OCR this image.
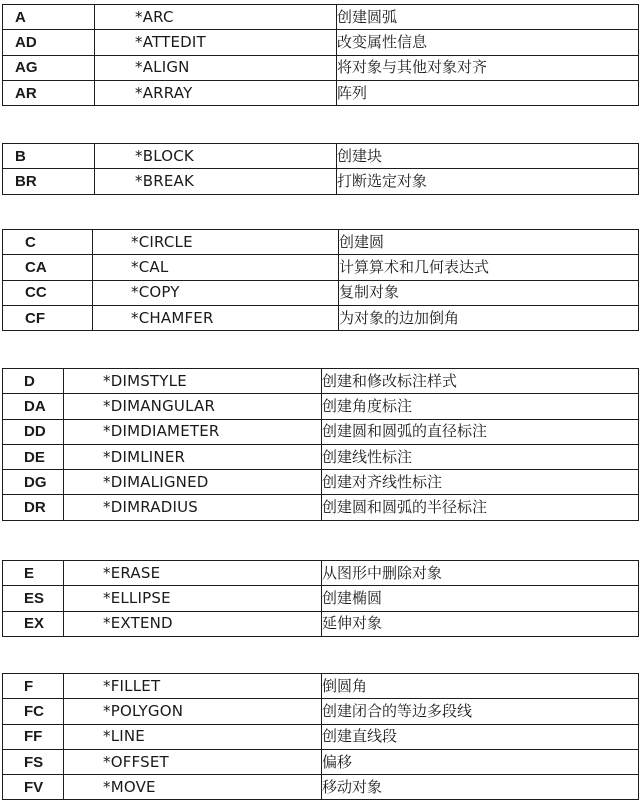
A	*ARC	创建圆弧
AD	*ATTEDIT	改变属性信息
AG	*ALIGN	将对象与其他对象对齐
AR	*ARRAY	阵列
B	*BLOCK	创建块
BR	*BREAK	打断选定对象
C	*CIRCLE	创建圆
CA	*CAL	计算算术和几何表达式
CC	*COPY	复制对象
CF	*CHAMFER	为对象的边加倒角
D	*DIMSTYLE	创建和修改标注样式
DA	*DIMANGULAR	创建角度标注
DD	*DIMDIAMETER	创建圆和圆弧的直径标注
DE	*DIMLINER	创建线性标注
DG	*DIMALIGNED	创建对齐线性标注
DR	*DIMRADIUS	创建圆和圆弧的半径标注
E	*ERASE	从图形中删除对象
ES	*ELLIPSE	创建椭圆
EX	*EXTEND	延伸对象
F	*FILLET	倒圆角
FC	*POLYGON	创建闭合的等边多段线
FF	*LINE	创建直线段
FS	*OFFSET	偏移
FV	*MOVE	移动对象
